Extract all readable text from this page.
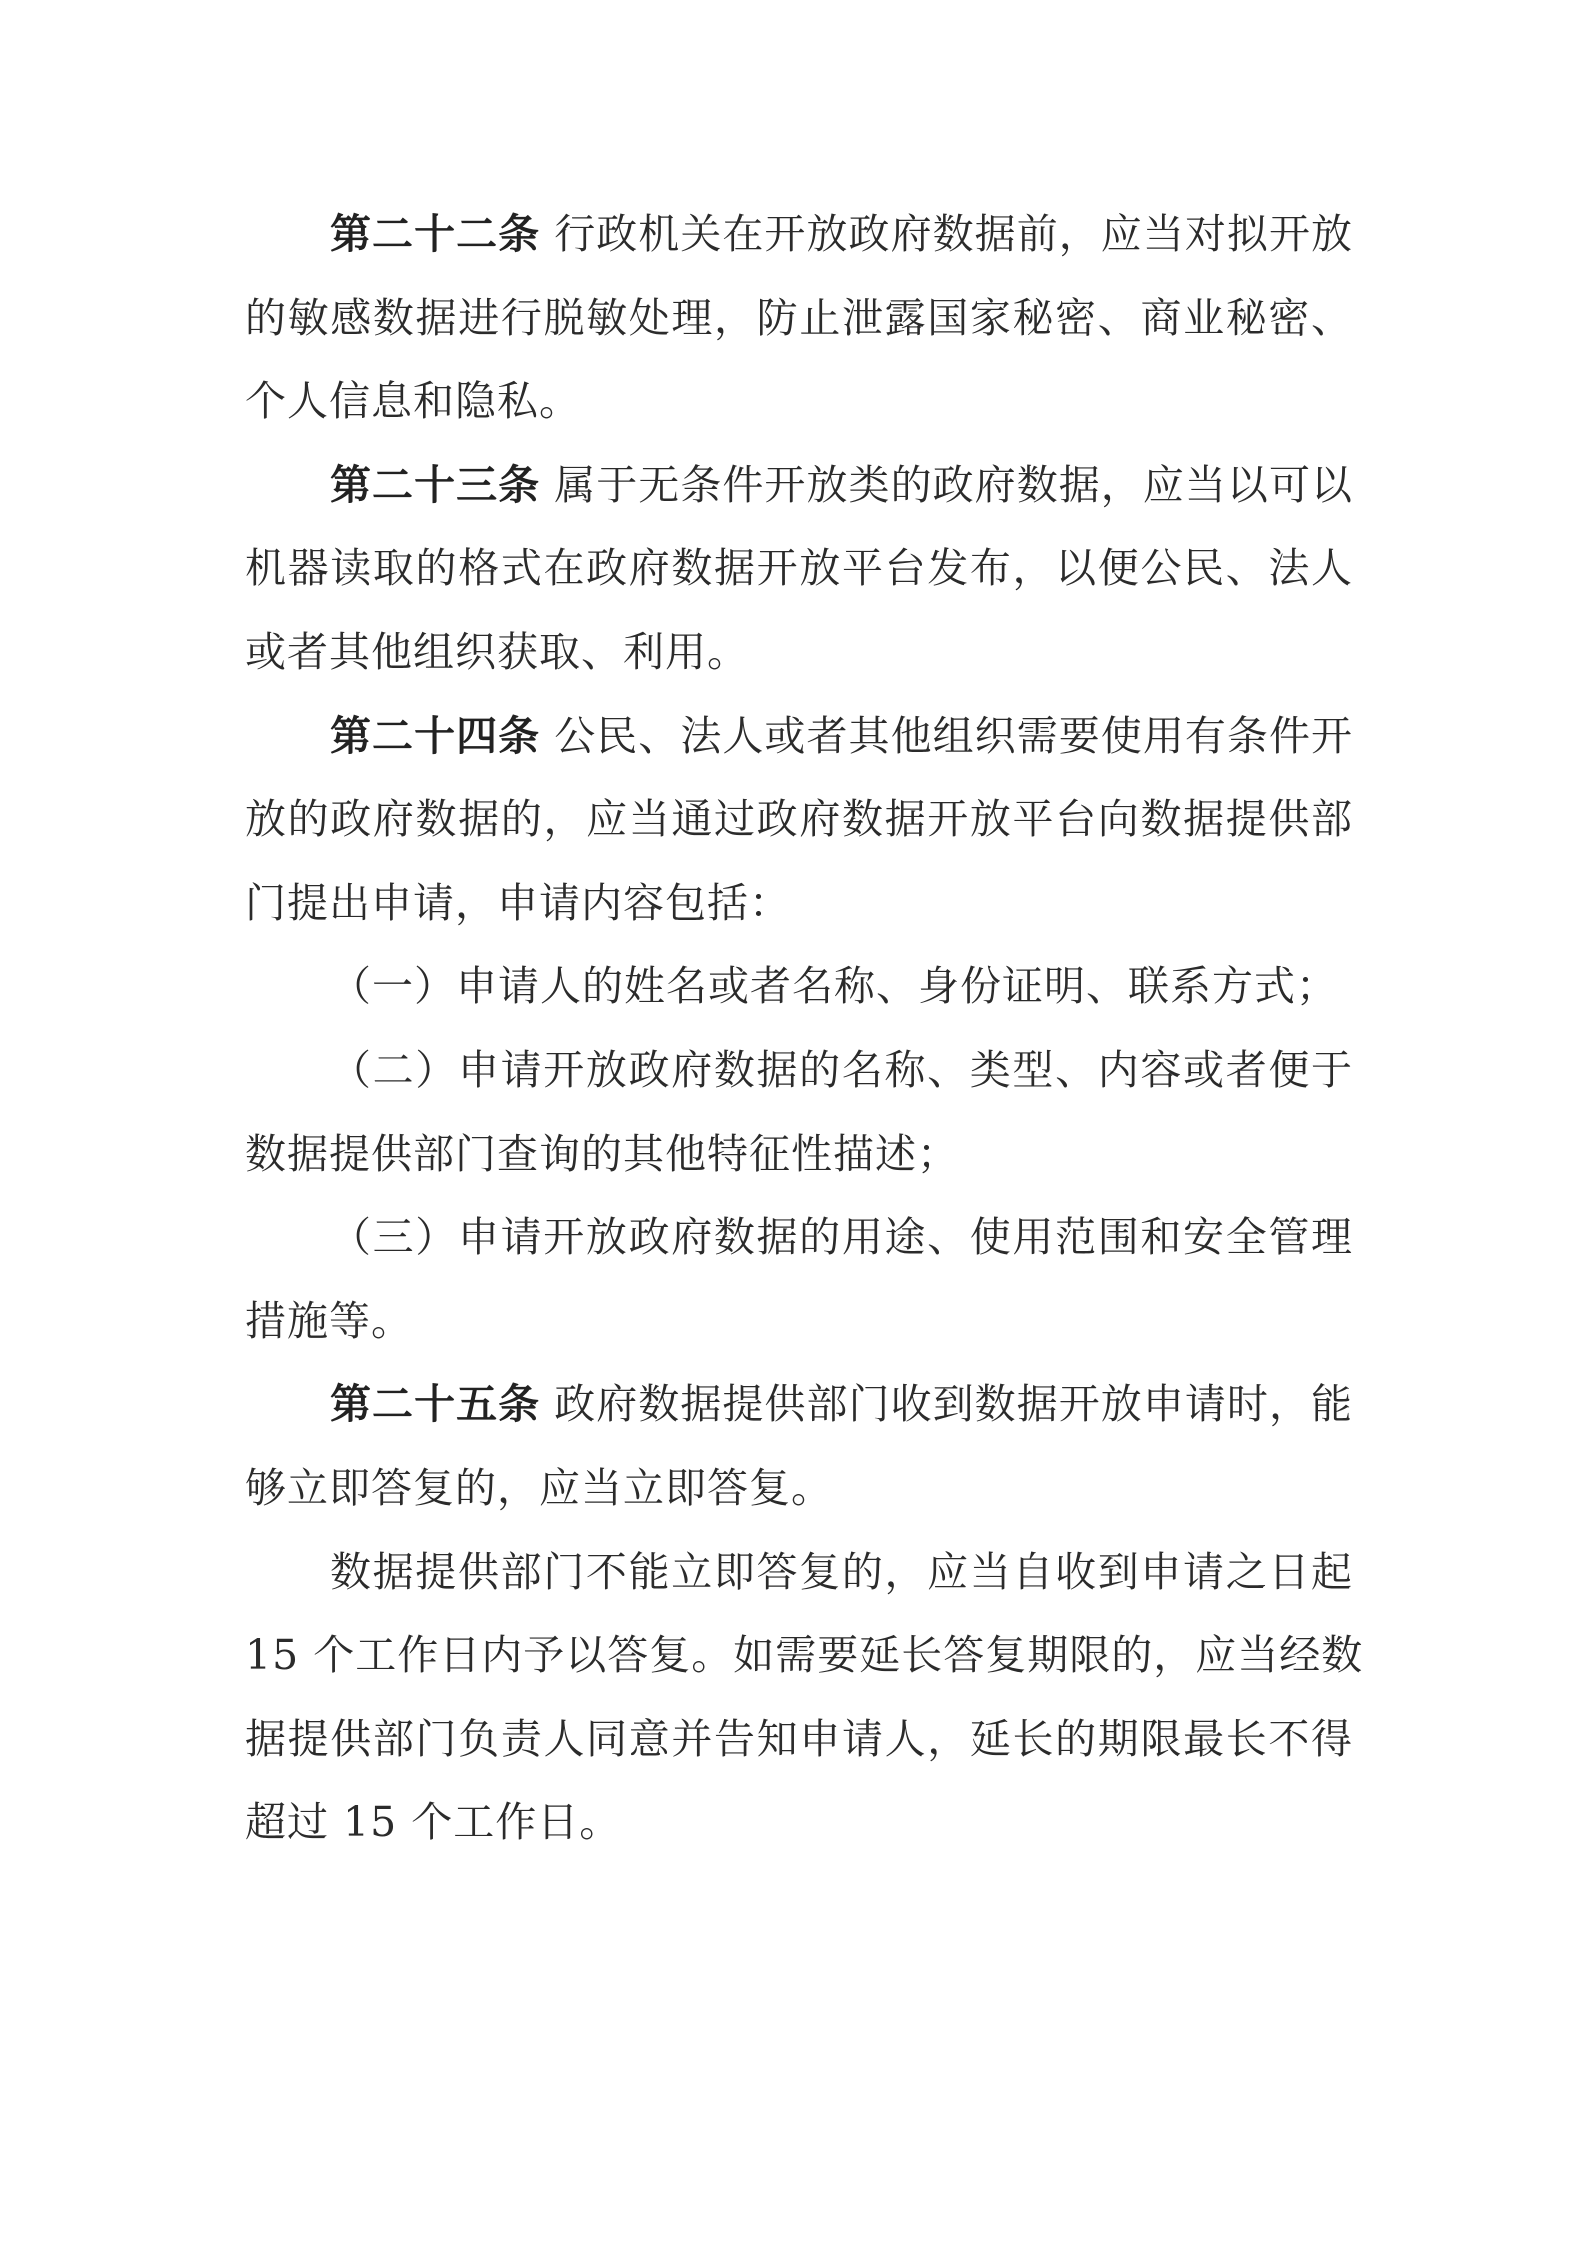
第二十二条 行政机关在开放政府数据前，应当对拟开放
的敏感数据进行脱敏处理，防止泄露国家秘密、商业秘密、
个人信息和隐私。
第二十三条 属于无条件开放类的政府数据，应当以可以
机器读取的格式在政府数据开放平台发布，以便公民、法人
或者其他组织获取、利用。
第二十四条 公民、法人或者其他组织需要使用有条件开
放的政府数据的，应当通过政府数据开放平台向数据提供部
门提出申请，申请内容包括：
（一）申请人的姓名或者名称、身份证明、联系方式；
（二）申请开放政府数据的名称、类型、内容或者便于
数据提供部门查询的其他特征性描述；
（三）申请开放政府数据的用途、使用范围和安全管理
措施等。
第二十五条 政府数据提供部门收到数据开放申请时，能
够立即答复的，应当立即答复。
数据提供部门不能立即答复的，应当自收到申请之日起
15 个工作日内予以答复。如需要延长答复期限的，应当经数
据提供部门负责人同意并告知申请人，延长的期限最长不得
超过 15 个工作日。
